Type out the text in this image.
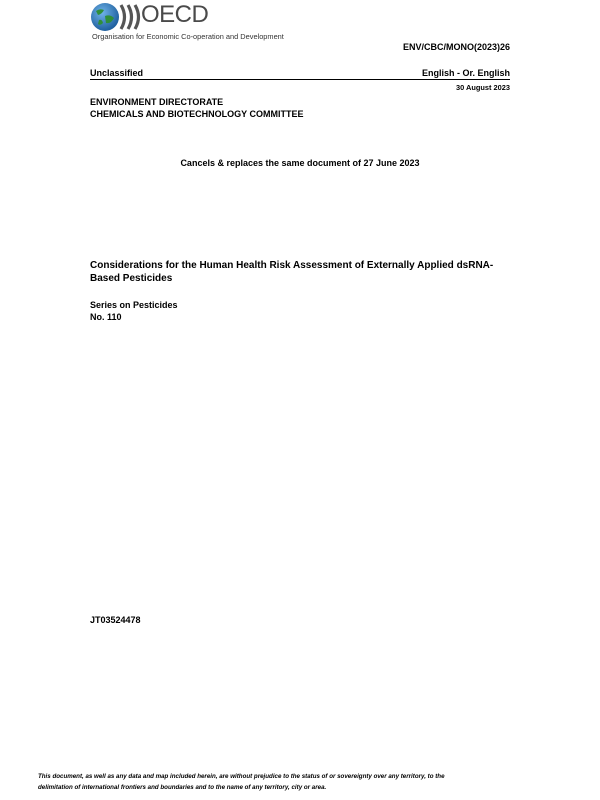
OECD
Organisation for Economic Co-operation and Development
ENV/CBC/MONO(2023)26
Unclassified	English - Or. English
30 August 2023
ENVIRONMENT DIRECTORATE
CHEMICALS AND BIOTECHNOLOGY COMMITTEE
Cancels & replaces the same document of 27 June 2023
Considerations for the Human Health Risk Assessment of Externally Applied dsRNA-
Based Pesticides
Series on Pesticides
No. 110
JT03524478
This document, as well as any data and map included herein, are without prejudice to the status of or sovereignty over any territory, to the
delimitation of international frontiers and boundaries and to the name of any territory, city or area.
